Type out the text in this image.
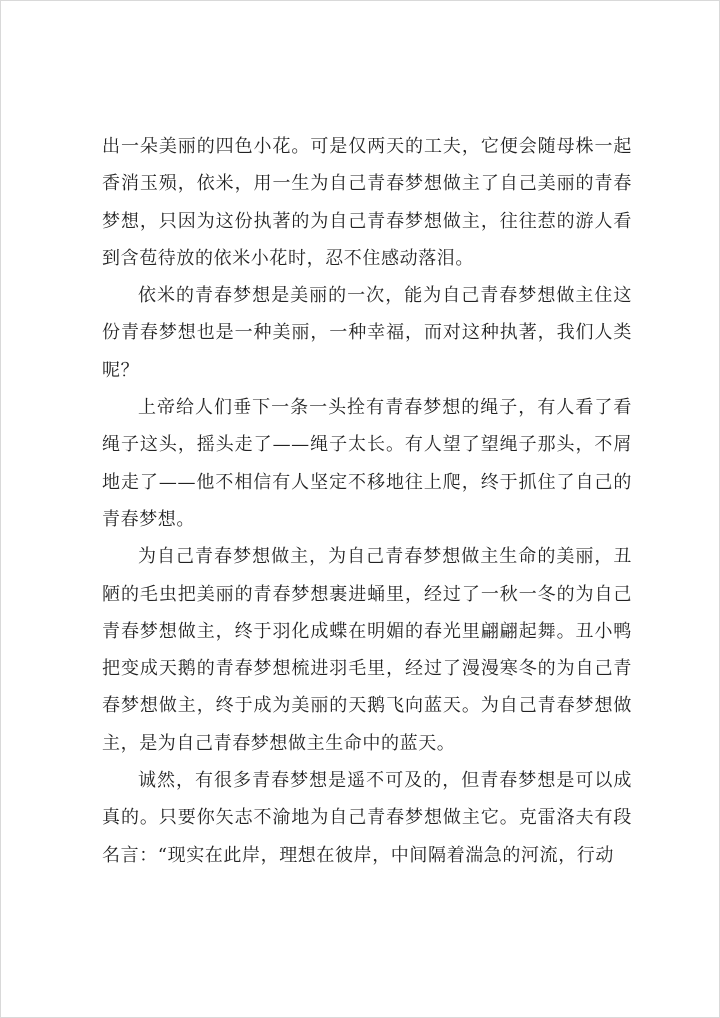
出一朵美丽的四色小花。可是仅两天的工夫，它便会随母株一起香消玉殒，依米，用一生为自己青春梦想做主了自己美丽的青春梦想，只因为这份执著的为自己青春梦想做主，往往惹的游人看到含苞待放的依米小花时，忍不住感动落泪。

依米的青春梦想是美丽的一次，能为自己青春梦想做主住这份青春梦想也是一种美丽，一种幸福，而对这种执著，我们人类呢？

上帝给人们垂下一条一头拴有青春梦想的绳子，有人看了看绳子这头，摇头走了——绳子太长。有人望了望绳子那头，不屑地走了——他不相信有人坚定不移地往上爬，终于抓住了自己的青春梦想。

为自己青春梦想做主，为自己青春梦想做主生命的美丽，丑陋的毛虫把美丽的青春梦想裹进蛹里，经过了一秋一冬的为自己青春梦想做主，终于羽化成蝶在明媚的春光里翩翩起舞。丑小鸭把变成天鹅的青春梦想梳进羽毛里，经过了漫漫寒冬的为自己青春梦想做主，终于成为美丽的天鹅飞向蓝天。为自己青春梦想做主，是为自己青春梦想做主生命中的蓝天。

诚然，有很多青春梦想是遥不可及的，但青春梦想是可以成真的。只要你矢志不渝地为自己青春梦想做主它。克雷洛夫有段名言：“现实在此岸，理想在彼岸，中间隔着湍急的河流，行动
